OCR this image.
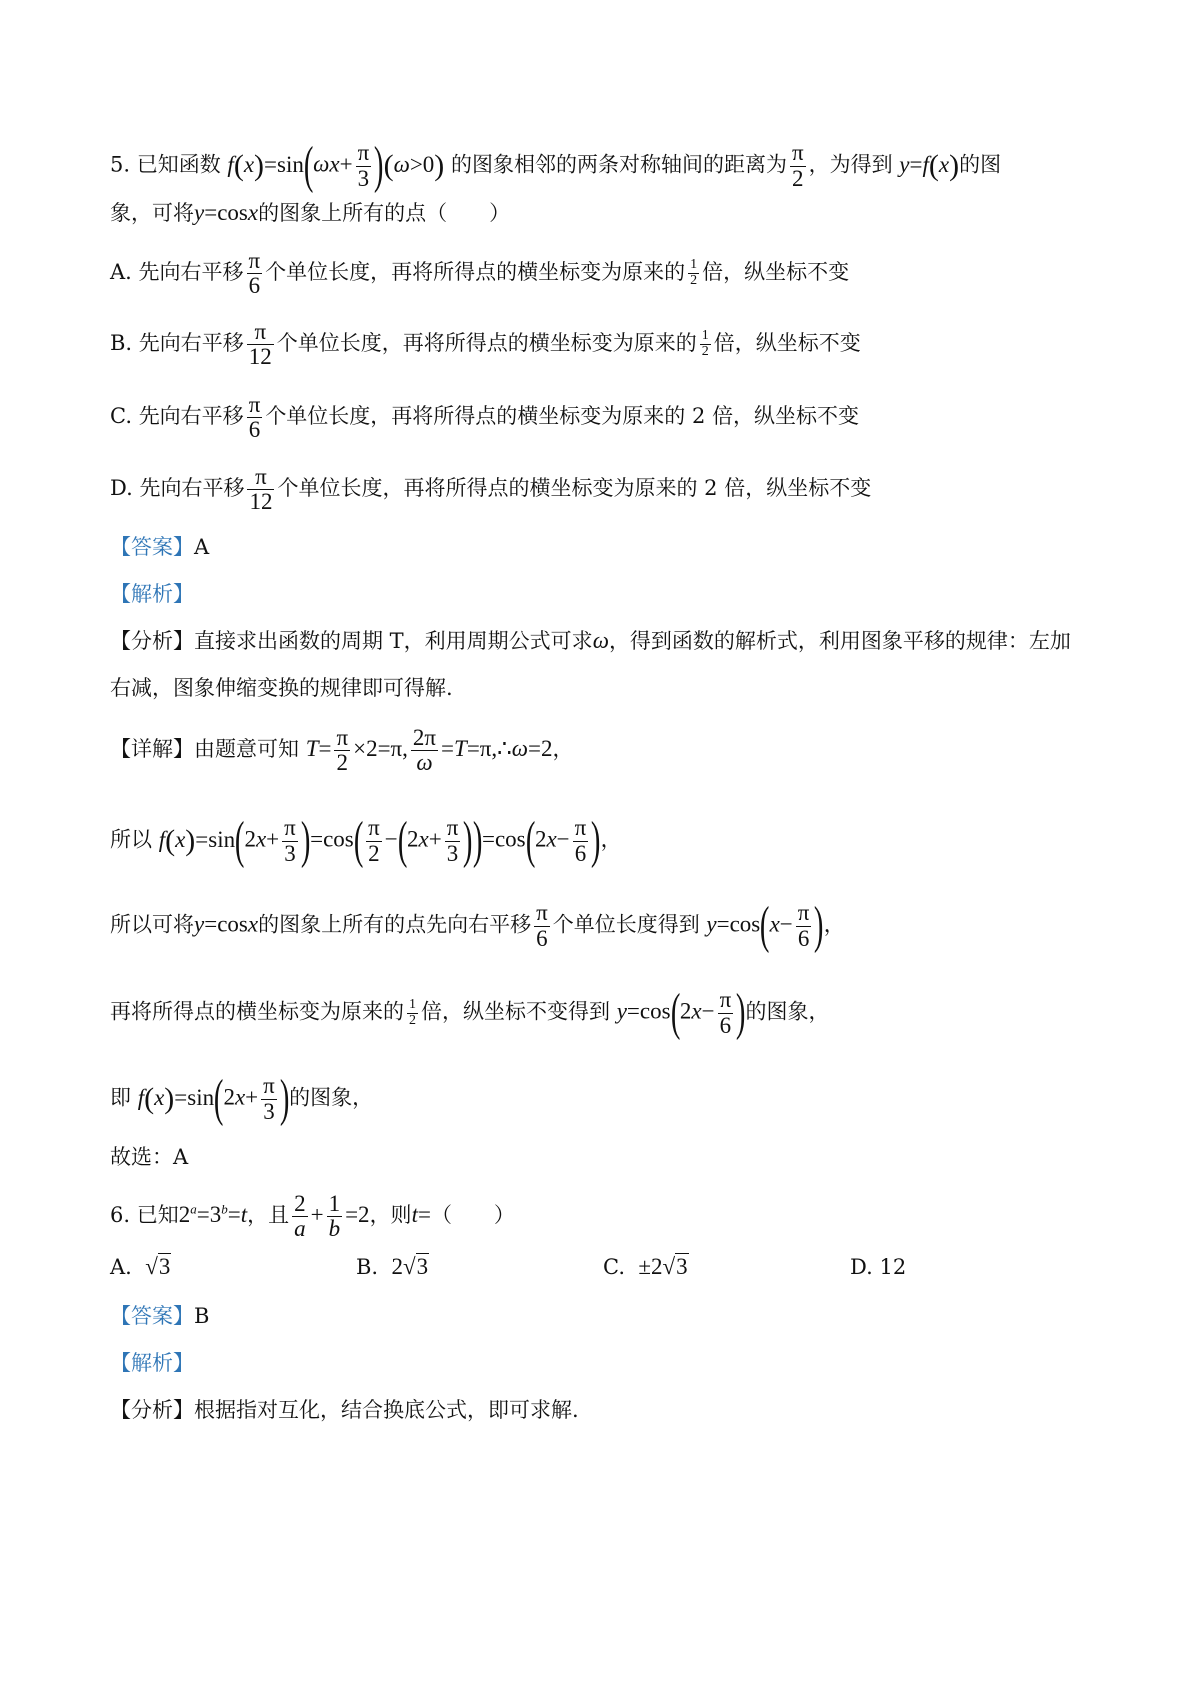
5. 已知函数 $f(x)=\sin(\omega x+ \frac{\pi}{3} )(\omega>0)$ 的图象相邻的两条对称轴间的距离为 $\frac{\pi}{2}$ ，为得到 y=f(x)的图
象，可将y=cosx的图象上所有的点（　　）
A. 先向右平移 $\frac{\pi}{6}$ 个单位长度，再将所得点的横坐标变为原来的 $\frac{1}{2}$ 倍，纵坐标不变
B. 先向右平移 $\frac{\pi}{12}$ 个单位长度，再将所得点的横坐标变为原来的 $\frac{1}{2}$ 倍，纵坐标不变
C. 先向右平移 $\frac{\pi}{6}$ 个单位长度，再将所得点的横坐标变为原来的 2 倍，纵坐标不变
D. 先向右平移 $\frac{\pi}{12}$ 个单位长度，再将所得点的横坐标变为原来的 2 倍，纵坐标不变
【答案】A
【解析】
【分析】直接求出函数的周期 T，利用周期公式可求ω，得到函数的解析式，利用图象平移的规律：左加
右减，图象伸缩变换的规律即可得解.
【详解】由题意可知 $T= \frac{\pi}{2} \times 2=\pi$, $\frac{2\pi}{\omega}$ =T=π,∴ω=2，
所以 $f(x)=\sin(2x+ \frac{\pi}{3} )=\cos( \frac{\pi}{2} -(2x+ \frac{\pi}{3} ))=\cos(2x- \frac{\pi}{6}$ )，
所以可将y=cosx的图象上所有的点先向右平移 $\frac{\pi}{6}$ 个单位长度得到 $y=\cos(x- \frac{\pi}{6}$ )，
再将所得点的横坐标变为原来的 $\frac{1}{2}$ 倍，纵坐标不变得到 $y=\cos(2x- \frac{\pi}{6}$ )的图象，
即 $f(x)=\sin(2x+ \frac{\pi}{3}$ )的图象，
故选：A
6. 已知$2^a=3^b=t$，且 $\frac{2}{a} + \frac{1}{b} =2$，则t=（　　）
A. √3	B. 2√3	C. ±2√3	D. 12
【答案】B
【解析】
【分析】根据指对互化，结合换底公式，即可求解.
